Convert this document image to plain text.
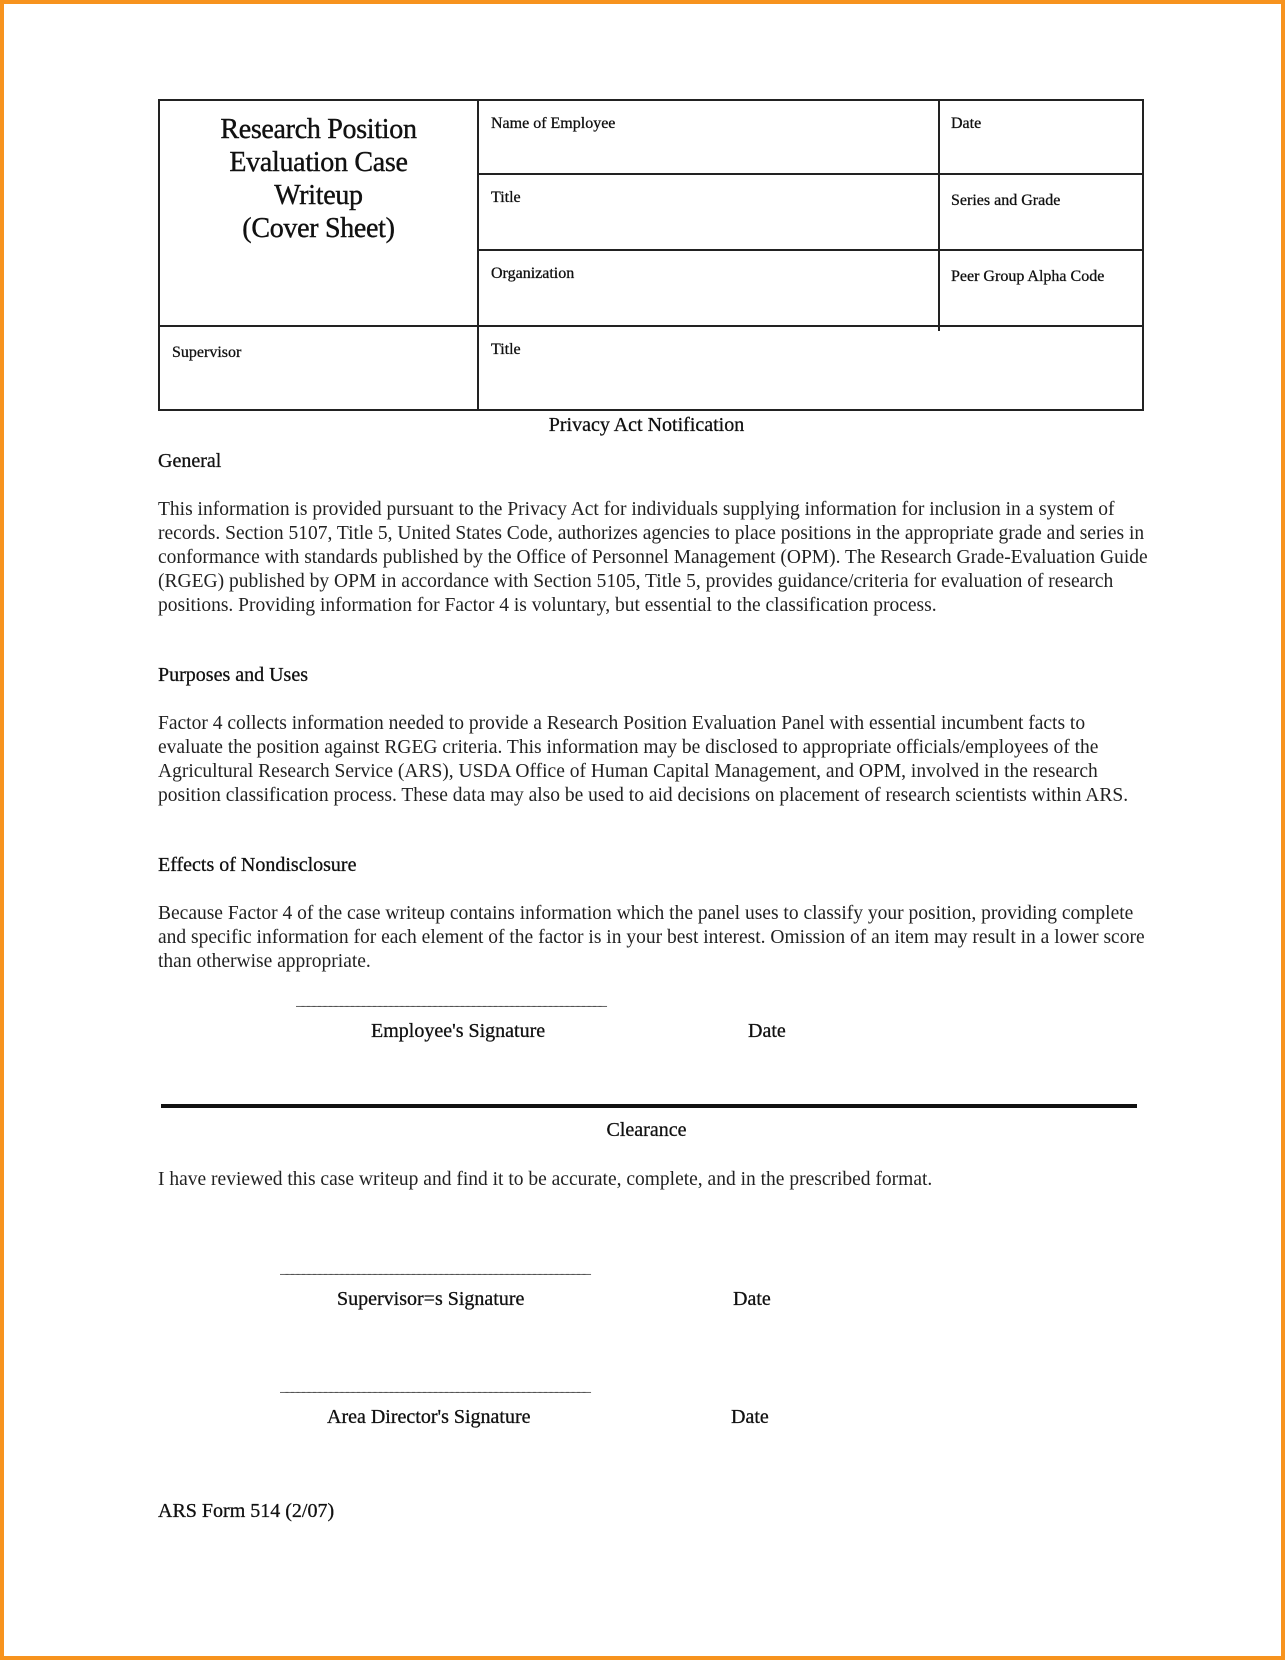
Research Position
Evaluation Case
Writeup
(Cover Sheet)
Name of Employee	Date
Title	Series and Grade
Organization	Peer Group Alpha Code
Supervisor	Title
Privacy Act Notification
General
This information is provided pursuant to the Privacy Act for individuals supplying information for inclusion in a system of records. Section 5107, Title 5, United States Code, authorizes agencies to place positions in the appropriate grade and series in conformance with standards published by the Office of Personnel Management (OPM). The Research Grade-Evaluation Guide (RGEG) published by OPM in accordance with Section 5105, Title 5, provides guidance/criteria for evaluation of research positions. Providing information for Factor 4 is voluntary, but essential to the classification process.
Purposes and Uses
Factor 4 collects information needed to provide a Research Position Evaluation Panel with essential incumbent facts to evaluate the position against RGEG criteria. This information may be disclosed to appropriate officials/employees of the Agricultural Research Service (ARS), USDA Office of Human Capital Management, and OPM, involved in the research position classification process. These data may also be used to aid decisions on placement of research scientists within ARS.
Effects of Nondisclosure
Because Factor 4 of the case writeup contains information which the panel uses to classify your position, providing complete and specific information for each element of the factor is in your best interest. Omission of an item may result in a lower score than otherwise appropriate.
________________________________________________________
Employee's Signature	Date
Clearance
I have reviewed this case writeup and find it to be accurate, complete, and in the prescribed format.
________________________________________________________
Supervisor=s Signature	Date
________________________________________________________
Area Director's Signature	Date
ARS Form 514 (2/07)
